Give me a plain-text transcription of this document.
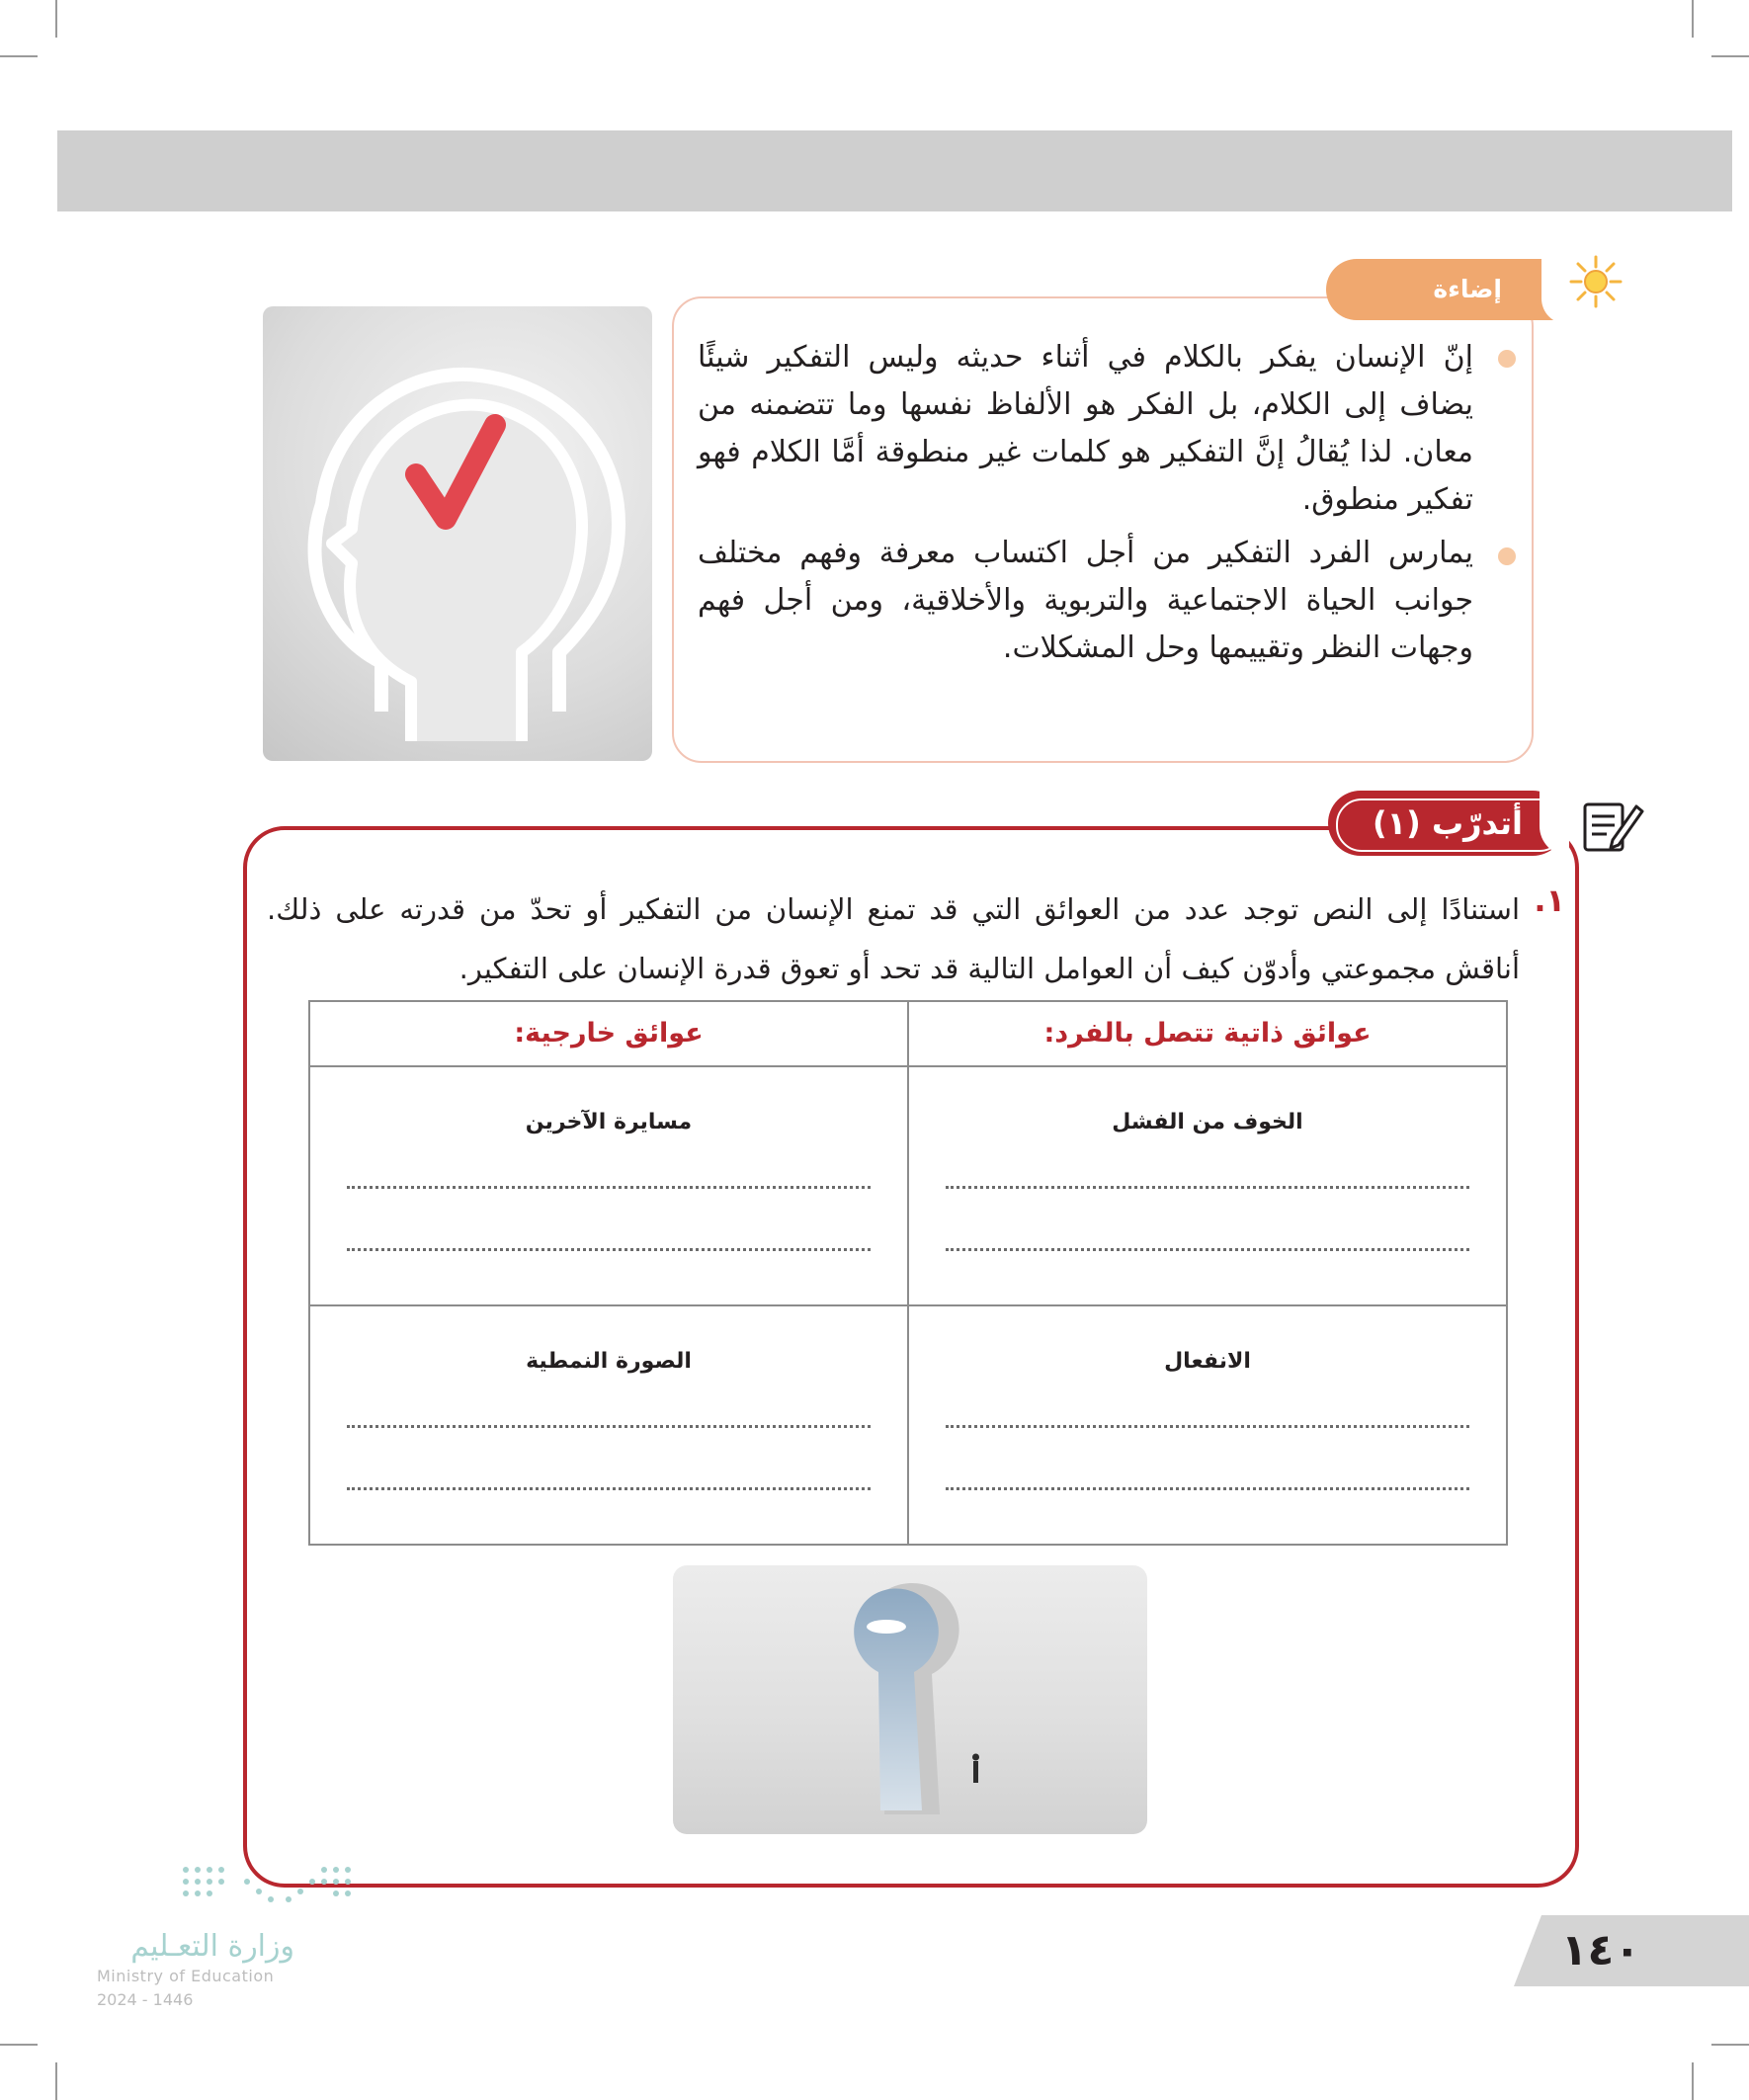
إضاءة
إنّ الإنسان يفكر بالكلام في أثناء حديثه وليس التفكير شيئًا يضاف إلى الكلام، بل الفكر هو الألفاظ نفسها وما تتضمنه من معان. لذا يُقالُ إنَّ التفكير هو كلمات غير منطوقة أمَّا الكلام فهو تفكير منطوق.
يمارس الفرد التفكير من أجل اكتساب معرفة وفهم مختلف جوانب الحياة الاجتماعية والتربوية والأخلاقية، ومن أجل فهم وجهات النظر وتقييمها وحل المشكلات.
أتدرّب (١)
١.
استنادًا إلى النص توجد عدد من العوائق التي قد تمنع الإنسان من التفكير أو تحدّ من قدرته على ذلك. أناقش مجموعتي وأدوّن كيف أن العوامل التالية قد تحد أو تعوق قدرة الإنسان على التفكير.
عوائق ذاتية تتصل بالفرد:	عوائق خارجية:

الخوف من الفشل	مسايرة الآخرين

الانفعال	الصورة النمطية
وزارة التعـليم
Ministry of Education
2024 - 1446
١٤٠
